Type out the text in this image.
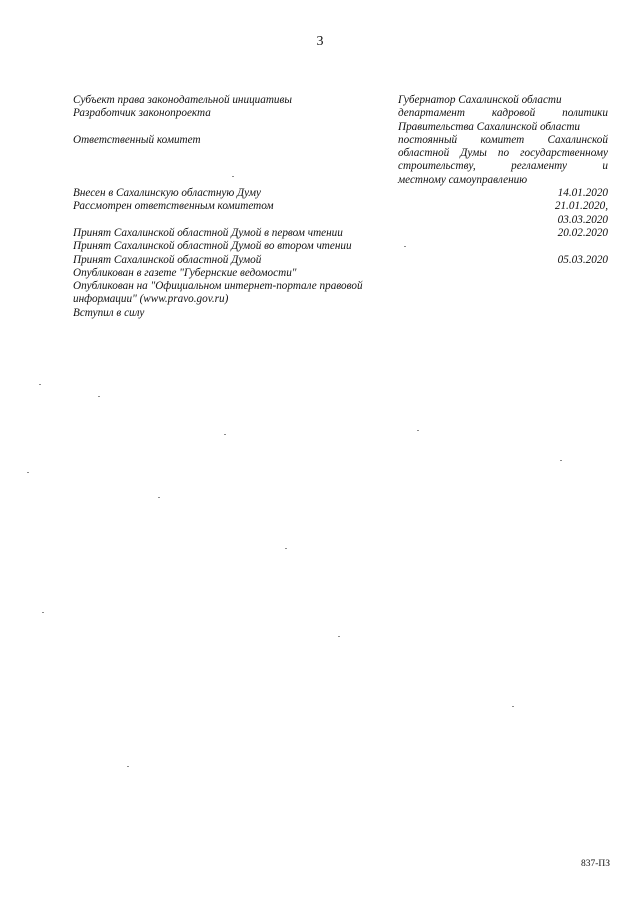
3
Субъект права законодательной инициативы	Губернатор Сахалинской области
Разработчик законопроекта	департамент кадровой политики
Правительства Сахалинской области
Ответственный комитет	постоянный комитет Сахалинской
областной Думы по государственному
строительству, регламенту и
местному самоуправлению
Внесен в Сахалинскую областную Думу	14.01.2020
Рассмотрен ответственным комитетом	21.01.2020,
03.03.2020
Принят Сахалинской областной Думой в первом чтении	20.02.2020
Принят Сахалинской областной Думой во втором чтении
Принят Сахалинской областной Думой	05.03.2020
Опубликован в газете "Губернские ведомости"
Опубликован на "Официальном интернет-портале правовой
информации" (www.pravo.gov.ru)
Вступил в силу
837-ПЗ
